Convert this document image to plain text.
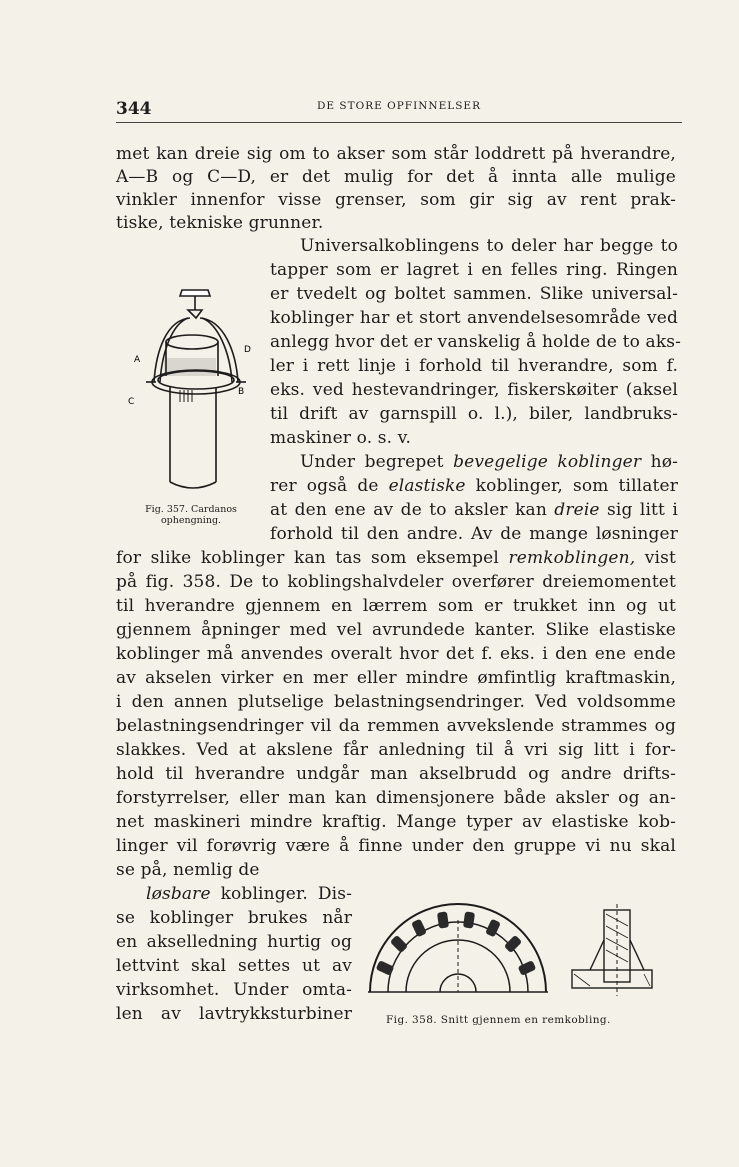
344	DE STORE OPFINNELSER
met kan dreie sig om to akser som står loddrett på hverandre,
A—B og C—D, er det mulig for det å innta alle mulige
vinkler innenfor visse grenser, som gir sig av rent prak-
tiske, tekniske grunner.
Universalkoblingens to deler har begge to
tapper som er lagret i en felles ring. Ringen
er tvedelt og boltet sammen. Slike universal-
koblinger har et stort anvendelsesområde ved
anlegg hvor det er vanskelig å holde de to aks-
ler i rett linje i forhold til hverandre, som f.
eks. ved hestevandringer, fiskerskøiter (aksel
til drift av garnspill o. l.), biler, landbruks-
maskiner o. s. v.
Under begrepet bevegelige koblinger hø-
rer også de elastiske koblinger, som tillater
at den ene av de to aksler kan dreie sig litt i
forhold til den andre. Av de mange løsninger
for slike koblinger kan tas som eksempel remkoblingen, vist
på fig. 358. De to koblingshalvdeler overfører dreiemomentet
til hverandre gjennem en lærrem som er trukket inn og ut
gjennem åpninger med vel avrundede kanter. Slike elastiske
koblinger må anvendes overalt hvor det f. eks. i den ene ende
av akselen virker en mer eller mindre ømfintlig kraftmaskin,
i den annen plutselige belastningsendringer. Ved voldsomme
belastningsendringer vil da remmen avvekslende strammes og
slakkes. Ved at akslene får anledning til å vri sig litt i for-
hold til hverandre undgår man akselbrudd og andre drifts-
forstyrrelser, eller man kan dimensjonere både aksler og an-
net maskineri mindre kraftig. Mange typer av elastiske kob-
linger vil forøvrig være å finne under den gruppe vi nu skal
se på, nemlig de
løsbare koblinger. Dis-
se koblinger brukes når
en akselledning hurtig og
lettvint skal settes ut av
virksomhet. Under omta-
len av lavtrykksturbiner
A
B
C
D
Fig. 357. Cardanos ophengning.
Fig. 358. Snitt gjennem en remkobling.
